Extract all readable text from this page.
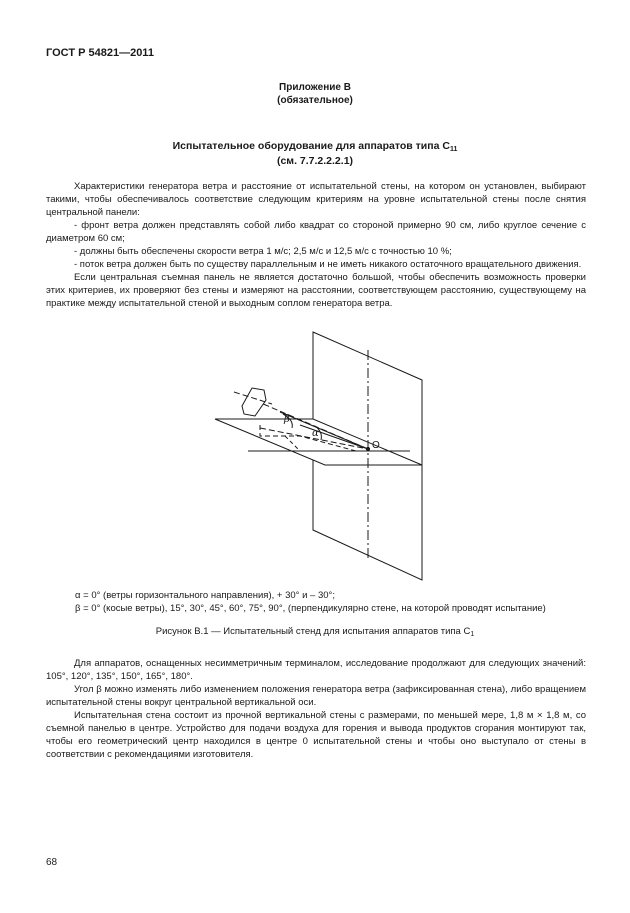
ГОСТ Р 54821—2011
Приложение В
(обязательное)
Испытательное оборудование для аппаратов типа $С_{11}$
(см. 7.7.2.2.2.1)

Характеристики генератора ветра и расстояние от испытательной стены, на котором он установлен, выбирают такими, чтобы обеспечивалось соответствие следующим критериям на уровне испытательной стены после снятия центральной панели:

- фронт ветра должен представлять собой либо квадрат со стороной примерно 90 см, либо круглое сечение с диаметром 60 см;

- должны быть обеспечены скорости ветра 1 м/с; 2,5 м/с и 12,5 м/с с точностью 10 %;

- поток ветра должен быть по существу параллельным и не иметь никакого остаточного вращательного движения.

Если центральная съемная панель не является достаточно большой, чтобы обеспечить возможность проверки этих критериев, их проверяют без стены и измеряют на расстоянии, соответствующем расстоянию, существующему на практике между испытательной стеной и выходным соплом генератора ветра.

β
α
O
α = 0° (ветры горизонтального направления), + 30° и – 30°;
β = 0° (косые ветры), 15°, 30°, 45°, 60°, 75°, 90°, (перпендикулярно стене, на которой проводят испытание)
Рисунок В.1 — Испытательный стенд для испытания аппаратов типа $С_1$

Для аппаратов, оснащенных несимметричным терминалом, исследование продолжают для следующих значений: 105°, 120°, 135°, 150°, 165°, 180°.

Угол β можно изменять либо изменением положения генератора ветра (зафиксированная стена), либо вращением испытательной стены вокруг центральной вертикальной оси.

Испытательная стена состоит из прочной вертикальной стены с размерами, по меньшей мере, 1,8 м × 1,8 м, со съемной панелью в центре. Устройство для подачи воздуха для горения и вывода продуктов сгорания монтируют так, чтобы его геометрический центр находился в центре 0 испытательной стены и чтобы оно выступало от стены в соответствии с рекомендациями изготовителя.

68
